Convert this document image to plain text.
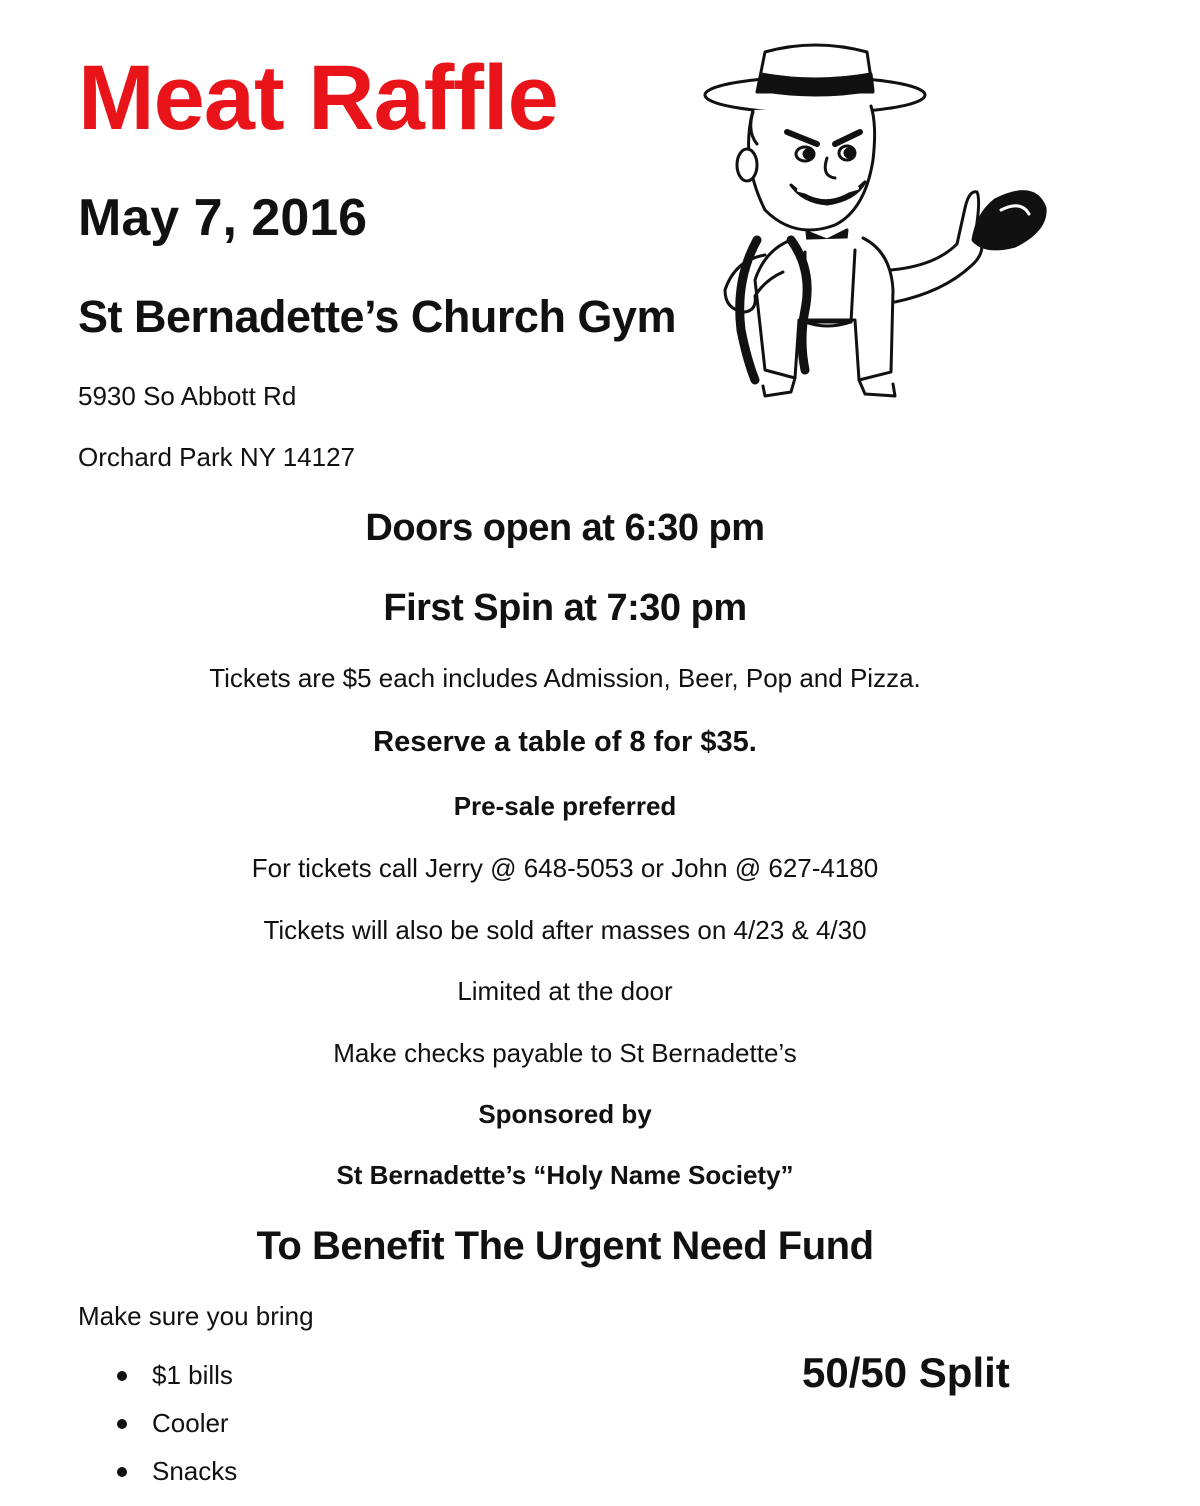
Meat Raffle
May 7, 2016
St Bernadette’s Church Gym
5930 So Abbott Rd
Orchard Park NY 14127
Doors open at 6:30 pm
First Spin at 7:30 pm
Tickets are $5 each includes Admission, Beer, Pop and Pizza.
Reserve a table of 8 for $35.
Pre-sale preferred
For tickets call Jerry @ 648-5053 or John @ 627-4180
Tickets will also be sold after masses on 4/23 & 4/30
Limited at the door
Make checks payable to St Bernadette’s
Sponsored by
St Bernadette’s “Holy Name Society”
To Benefit The Urgent Need Fund
Make sure you bring
$1 bills
Cooler
Snacks
50/50 Split
